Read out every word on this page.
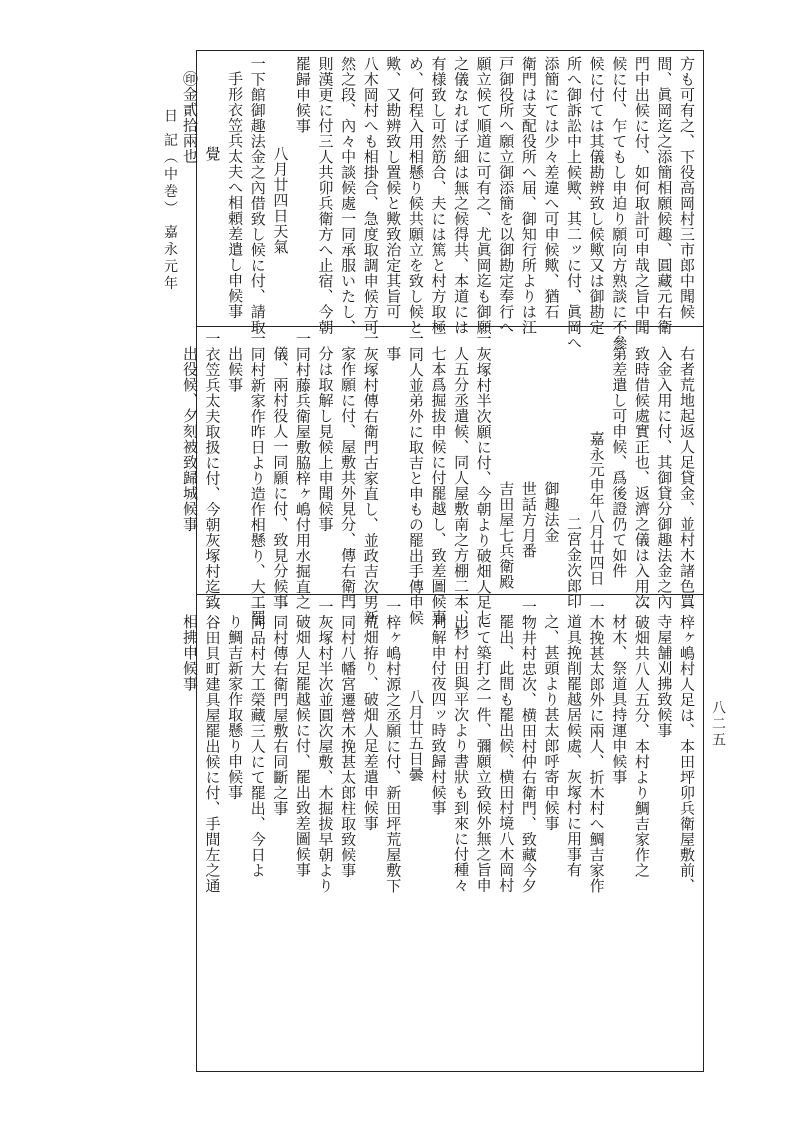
日 記（中巻） 嘉永元年
八二五
方も可有之、下役高岡村三市郎中聞候
間、眞岡迄之添簡相願候趣、圓藏元右衛
門中出候に付、如何取計可申哉之旨中聞
候に付、乍てもし申迫り願向方熟談に不參
候に付ては其儀勘辨致し候歟又は御勘定
所へ御訴訟中上候歟、其二ッに付、眞岡へ
添簡にては少々差違へ可申候歟、猶石
衛門は支配役所へ届、御知行所よりは江
戸御役所へ願立御添簡を以御勘定奉行へ
願立候て順道に可有之、尤眞岡迄も御願
之儀なれば子細は無之候得共、本道には
有様致し可然筋合、夫には篤と村方取極
め、何程入用相懸り候共願立を致し候と
歟、又勘辨致し置候と歟致治定其旨可
八木岡村へも相掛合、急度取調申候方可
然之段、內々中談候處一同承服いたし、
則漢更に付三人共卯兵衛方へ止宿、今朝
罷歸申候事
八月廿四日天氣
一下館御趣法金之內借致し候に付、請取
手形衣笠兵太夫へ相頼差遣し申候事
覺
㊞金貳拾兩也
右者荒地起返人足貸金、並村木諸色買
入金入用に付、其御貸分御趣法金之內
致時借候處實正也、返濟之儀は入用次
第差遣し可申候、爲後證仍て如件
嘉永元申年八月廿四日
二宮金次郎印
御趣法金
世話方月番
吉田屋七兵衛殿
一灰塚村半次願に付、今朝より破畑人足七
人五分丞遣候、同人屋敷南之方棚二本、杉
七本爲掘拔申候に付罷越し、致差圖候事
一同人並弟外に取吉と申もの罷出手傳申候
事
一灰塚村傳右衛門古家直し、並政吉次男新
家作願に付、屋敷共外見分、傳右衛門
分は取解し見候上申聞候事
一同村藤兵衛屋敷脇梓ヶ嶋付用水掘直之
儀、兩村役人一同願に付、致見分候事
一同村新家作昨日より造作相懸り、大工罷
出候事
一衣笠兵太夫取扱に付、今朝灰塚村迄致
出役候、夕刻被致歸城候事
一梓ヶ嶋村人足は、本田坪卯兵衛屋敷前、
寺屋舗刈拂致候事
一破畑共八人五分、本村より鯛吉家作之
材木、祭道具持運申候事
一木挽甚太郎外に兩人、折木村へ鯛吉家作
道具挽削罷越居候處、灰塚村に用事有
之、甚頭より甚太郎呼寄申候事
一物井村忠次、横田村仲右衛門、致藏今夕
罷出、此間も罷出候、横田村境八木岡村
にて築打之一件、彌願立致候外無之旨申
出、村田與平次より書狀も到來に付種々
利解申付夜四ッ時致歸村候事
八月廿五日曇
一梓ヶ嶋村源之丞願に付、新田坪荒屋敷下
荒畑拵り、破畑人足差遣申候事
一同村八幡宮遷營木挽甚太郎柱取致候事
一灰塚村半次並圓次屋敷、木掘拔早朝より
破畑人足罷越候に付、罷出致差圖候事
一同村傳右衛門屋敷右同斷之事
一同品村大工榮藏三人にて罷出、今日よ
り鯛吉新家作取懸り申候事
一谷田貝町建具屋罷出候に付、手間左之通
相拂申候事
